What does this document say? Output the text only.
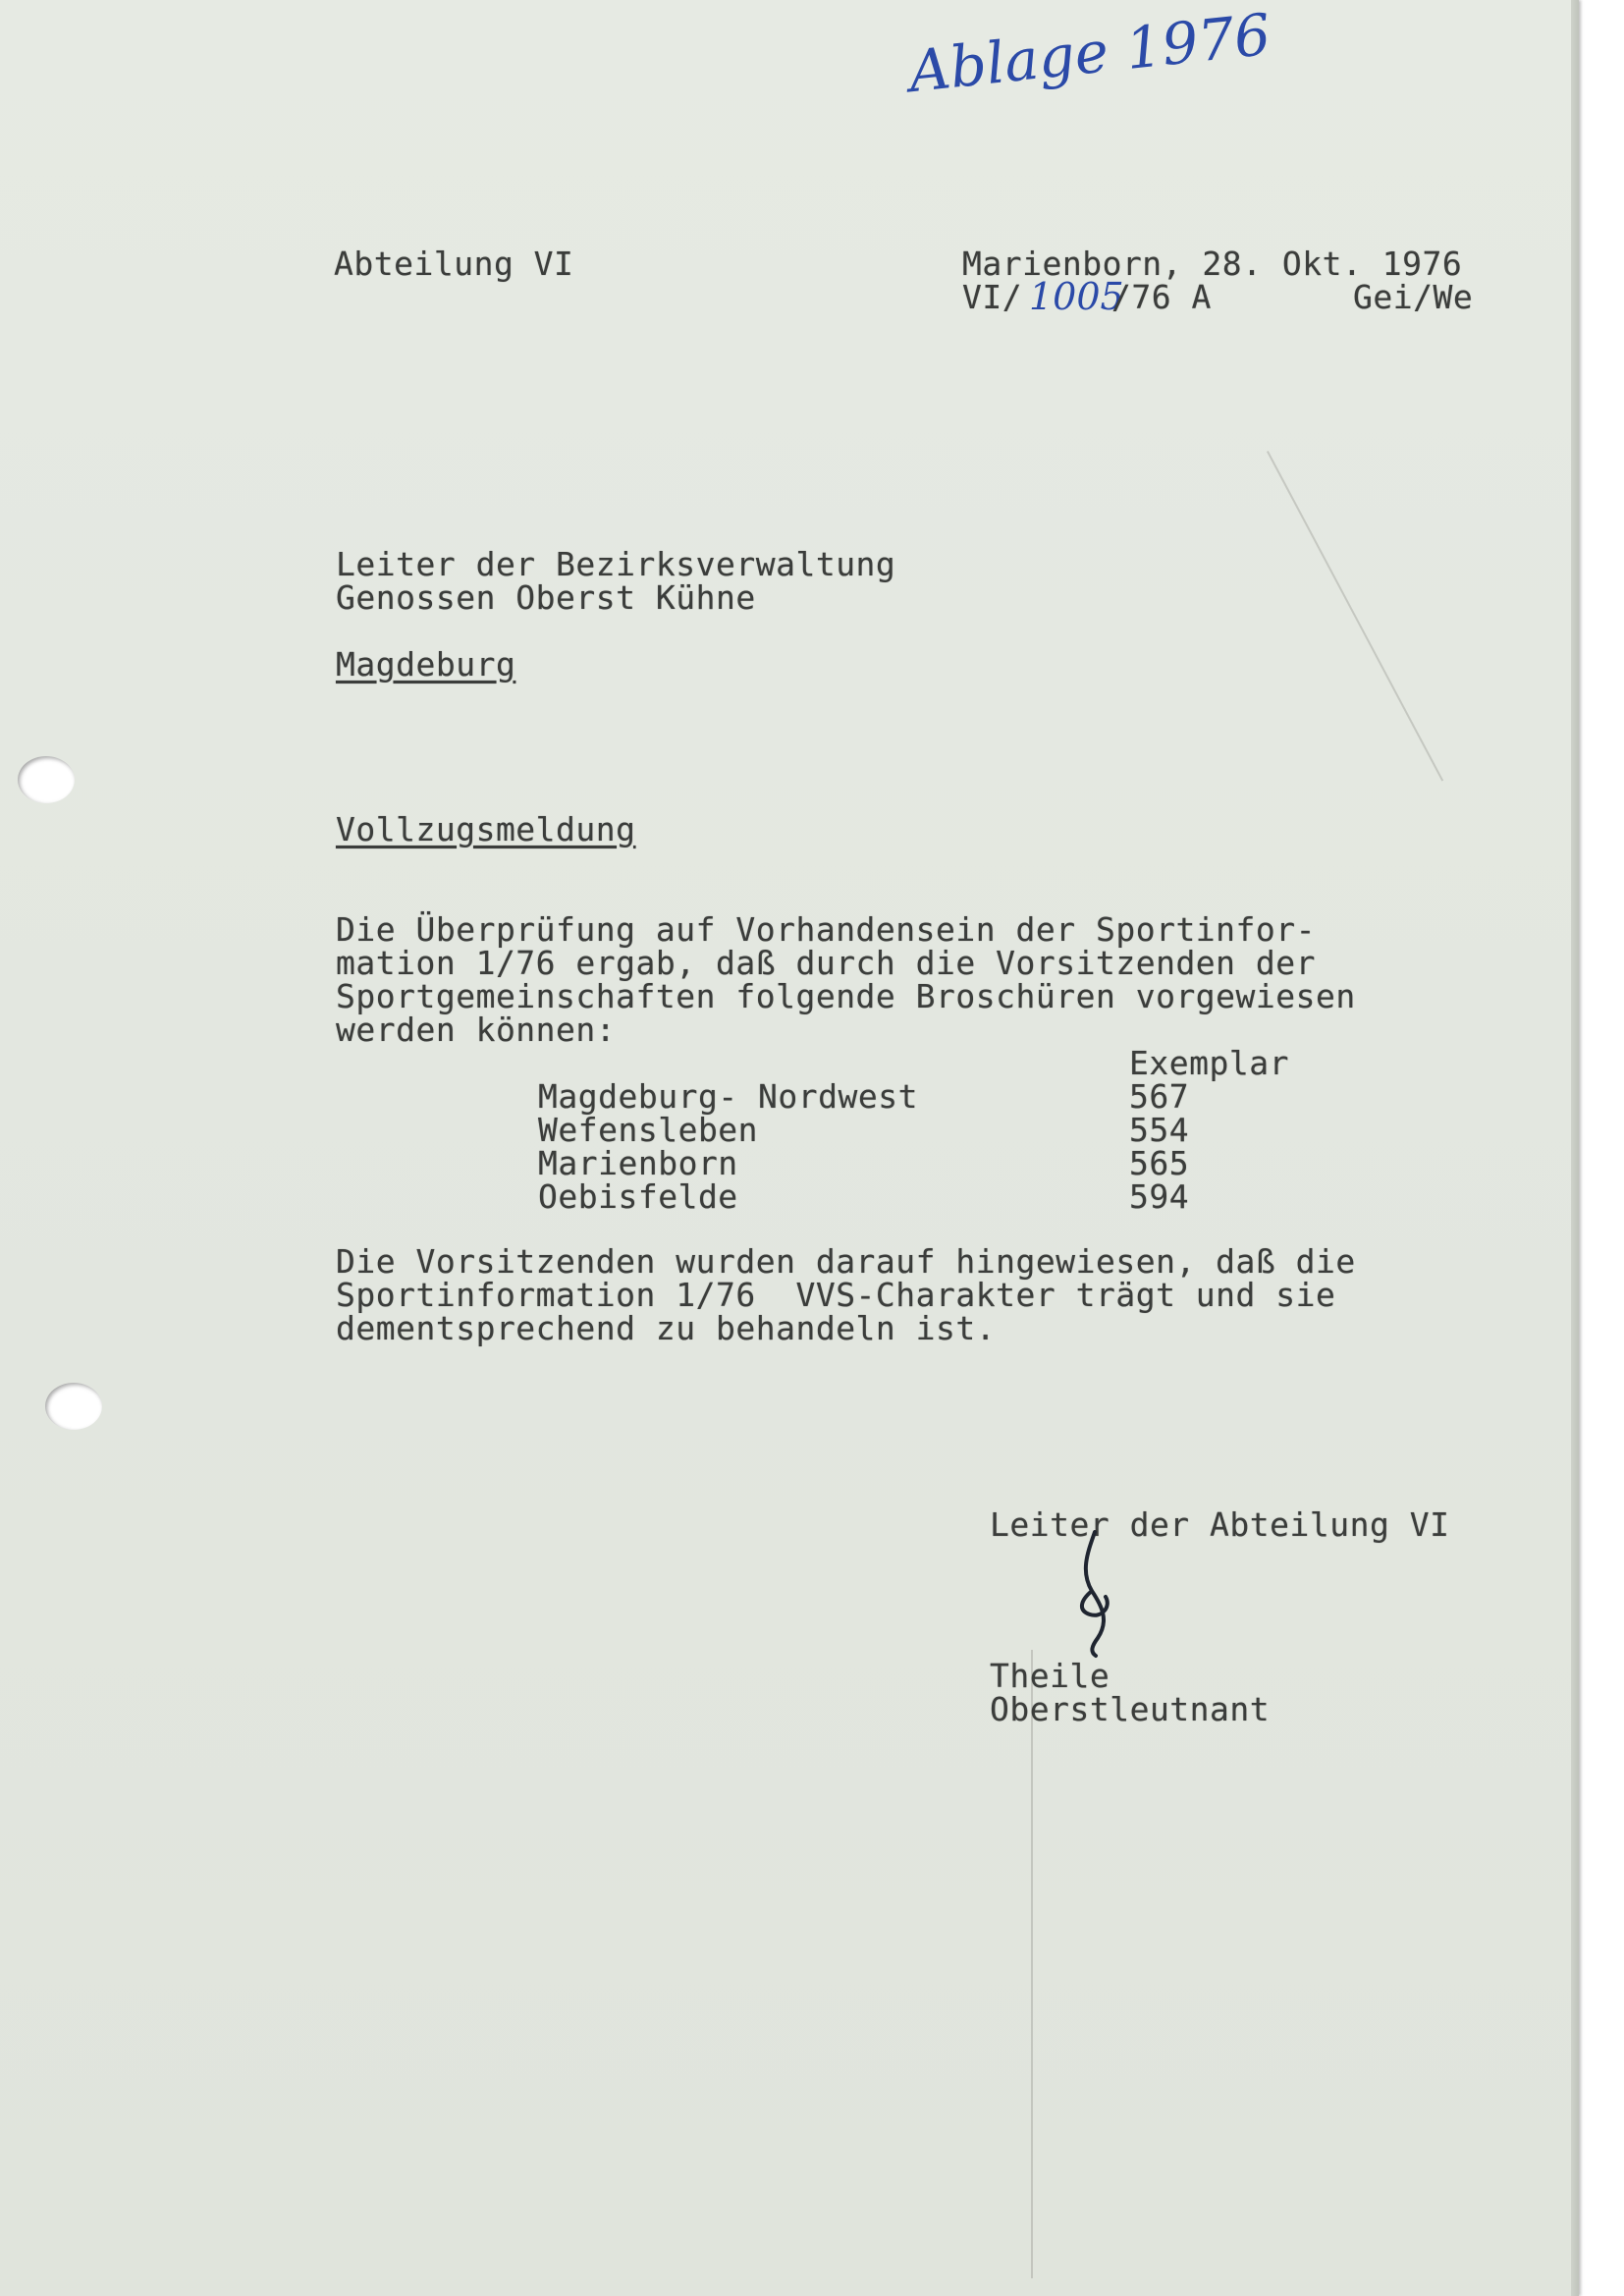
Ablage 1976
Abteilung VI	Marienborn, 28. Okt. 1976
VI/ 1005
/76 A	Gei/We
Leiter der Bezirksverwaltung
Genossen Oberst Kühne
Magdeburg
Vollzugsmeldung
Die Überprüfung auf Vorhandensein der Sportinfor-
mation 1/76 ergab, daß durch die Vorsitzenden der
Sportgemeinschaften folgende Broschüren vorgewiesen
werden können:
Exemplar
Magdeburg- Nordwest	567
Wefensleben	554
Marienborn	565
Oebisfelde	594
Die Vorsitzenden wurden darauf hingewiesen, daß die
Sportinformation 1/76  VVS-Charakter trägt und sie
dementsprechend zu behandeln ist.
Leiter der Abteilung VI
Theile
Oberstleutnant
